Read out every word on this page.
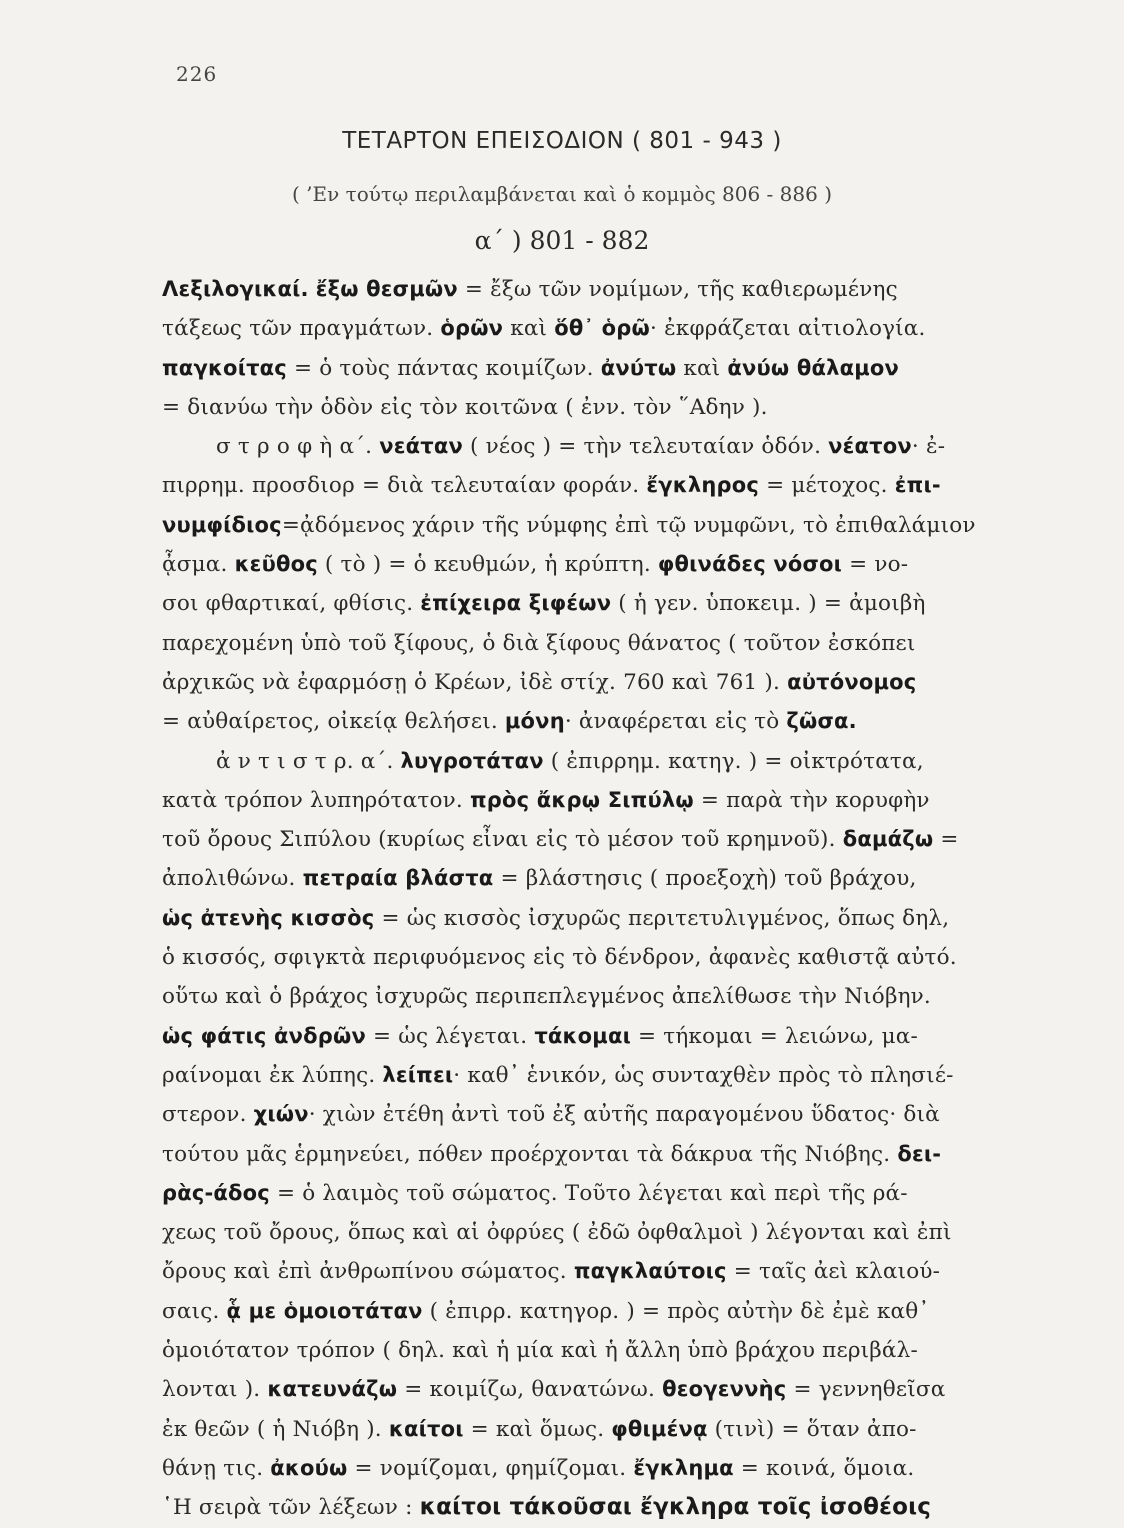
226
ΤΕΤΑΡΤΟΝ ΕΠΕΙΣΟΔΙΟΝ ( 801 - 943 )
( ’Εν τούτῳ περιλαμβάνεται καὶ ὁ κομμὸς 806 - 886 )
α΄ ) 801 - 882
Λεξιλογικαί. ἔξω θεσμῶν = ἔξω τῶν νομίμων, τῆς καθιερωμένης
τάξεως τῶν πραγμάτων. ὁρῶν καὶ ὅθ᾽ ὁρῶ· ἐκφράζεται αἰτιολογία.
παγκοίτας = ὁ τοὺς πάντας κοιμίζων. ἀνύτω καὶ ἀνύω θάλαμον
= διανύω τὴν ὁδὸν εἰς τὸν κοιτῶνα ( ἐνν. τὸν ῞Αδην ).
σ τ ρ ο φ ὴ α΄. νεάταν ( νέος ) = τὴν τελευταίαν ὁδόν. νέατον· ἐ-
πιρρημ. προσδιορ = διὰ τελευταίαν φοράν. ἔγκληρος = μέτοχος. ἐπι-
νυμφίδιος=ᾀδόμενος χάριν τῆς νύμφης ἐπὶ τῷ νυμφῶνι, τὸ ἐπιθαλάμιον
ᾆσμα. κεῦθος ( τὸ ) = ὁ κευθμών, ἡ κρύπτη. φθινάδες νόσοι = νο-
σοι φθαρτικαί, φθίσις. ἐπίχειρα ξιφέων ( ἡ γεν. ὑποκειμ. ) = ἀμοιβὴ
παρεχομένη ὑπὸ τοῦ ξίφους, ὁ διὰ ξίφους θάνατος ( τοῦτον ἐσκόπει
ἀρχικῶς νὰ ἐφαρμόσῃ ὁ Κρέων, ἰδὲ στίχ. 760 καὶ 761 ). αὐτόνομος
= αὐθαίρετος, οἰκείᾳ θελήσει. μόνη· ἀναφέρεται εἰς τὸ ζῶσα.
ἀ ν τ ι σ τ ρ. α΄. λυγροτάταν ( ἐπιρρημ. κατηγ. ) = οἰκτρότατα,
κατὰ τρόπον λυπηρότατον. πρὸς ἄκρῳ Σιπύλῳ = παρὰ τὴν κορυφὴν
τοῦ ὄρους Σιπύλου (κυρίως εἶναι εἰς τὸ μέσον τοῦ κρημνοῦ). δαμάζω =
ἀπολιθώνω. πετραία βλάστα = βλάστησις ( προεξοχὴ) τοῦ βράχου,
ὡς ἀτενὴς κισσὸς = ὡς κισσὸς ἰσχυρῶς περιτετυλιγμένος, ὅπως δηλ,
ὁ κισσός, σφιγκτὰ περιφυόμενος εἰς τὸ δένδρον, ἀφανὲς καθιστᾷ αὐτό.
οὕτω καὶ ὁ βράχος ἰσχυρῶς περιπεπλεγμένος ἀπελίθωσε τὴν Νιόβην.
ὡς φάτις ἀνδρῶν = ὡς λέγεται. τάκομαι = τήκομαι = λειώνω, μα-
ραίνομαι ἐκ λύπης. λείπει· καθ᾽ ἑνικόν, ὡς συνταχθὲν πρὸς τὸ πλησιέ-
στερον. χιών· χιὼν ἐτέθη ἀντὶ τοῦ ἐξ αὐτῆς παραγομένου ὕδατος· διὰ
τούτου μᾶς ἑρμηνεύει, πόθεν προέρχονται τὰ δάκρυα τῆς Νιόβης. δει-
ρὰς-άδος = ὁ λαιμὸς τοῦ σώματος. Τοῦτο λέγεται καὶ περὶ τῆς ρά-
χεως τοῦ ὄρους, ὅπως καὶ αἱ ὀφρύες ( ἐδῶ ὀφθαλμοὶ ) λέγονται καὶ ἐπὶ
ὄρους καὶ ἐπὶ ἀνθρωπίνου σώματος. παγκλαύτοις = ταῖς ἀεὶ κλαιού-
σαις. ᾇ με ὁμοιοτάταν ( ἐπιρρ. κατηγορ. ) = πρὸς αὐτὴν δὲ ἐμὲ καθ᾽
ὁμοιότατον τρόπον ( δηλ. καὶ ἡ μία καὶ ἡ ἄλλη ὑπὸ βράχου περιβάλ-
λονται ). κατευνάζω = κοιμίζω, θανατώνω. θεογεννὴς = γεννηθεῖσα
ἐκ θεῶν ( ἡ Νιόβη ). καίτοι = καὶ ὅμως. φθιμένᾳ (τινὶ) = ὅταν ἀπο-
θάνῃ τις. ἀκούω = νομίζομαι, φημίζομαι. ἔγκλημα = κοινά, ὅμοια.
῾Η σειρὰ τῶν λέξεων : καίτοι τάκοῦσαι ἔγκληρα τοῖς ἰσοθέοις
